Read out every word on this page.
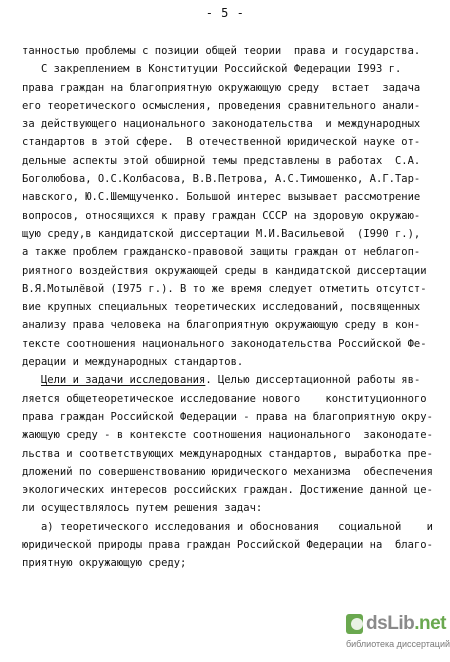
- 5 -
танностью проблемы с позиции общей теории  права и государства.
С закреплением в Конституции Российской Федерации I993 г.
права граждан на благоприятную окружающую среду  встает  задача
его теоретического осмысления, проведения сравнительного анали-
за действующего национального законодательства  и международных
стандартов в этой сфере.  В отечественной юридической науке от-
дельные аспекты этой обширной темы представлены в работах  С.А.
Боголюбова, О.С.Колбасова, В.В.Петрова, А.С.Тимошенко, А.Г.Тар-
навского, Ю.С.Шемщученко. Большой интерес вызывает рассмотрение
вопросов, относящихся к праву граждан СССР на здоровую окружаю-
щую среду,в кандидатской диссертации М.И.Васильевой  (I990 г.),
а также проблем гражданско-правовой защиты граждан от неблагоп-
риятного воздействия окружающей среды в кандидатской диссертации
В.Я.Мотылёвой (I975 г.). В то же время следует отметить отсутст-
вие крупных специальных теоретических исследований, посвященных
анализу права человека на благоприятную окружающую среду в кон-
тексте соотношения национального законодательства Российской Фе-
дерации и международных стандартов.
Цели и задачи исследования. Целью диссертационной работы яв-
ляется общетеоретическое исследование нового    конституционного
права граждан Российской Федерации - права на благоприятную окру-
жающую среду - в контексте соотношения национального  законодате-
льства и соответствующих международных стандартов, выработка пре-
дложений по совершенствованию юридического механизма  обеспечения
экологических интересов российских граждан. Достижение данной це-
ли осуществлялось путем решения задач:
а) теоретического исследования и обоснования   социальной    и
юридической природы права граждан Российской Федерации на  благо-
приятную окружающую среду;
dsLib.net
библиотека диссертаций
